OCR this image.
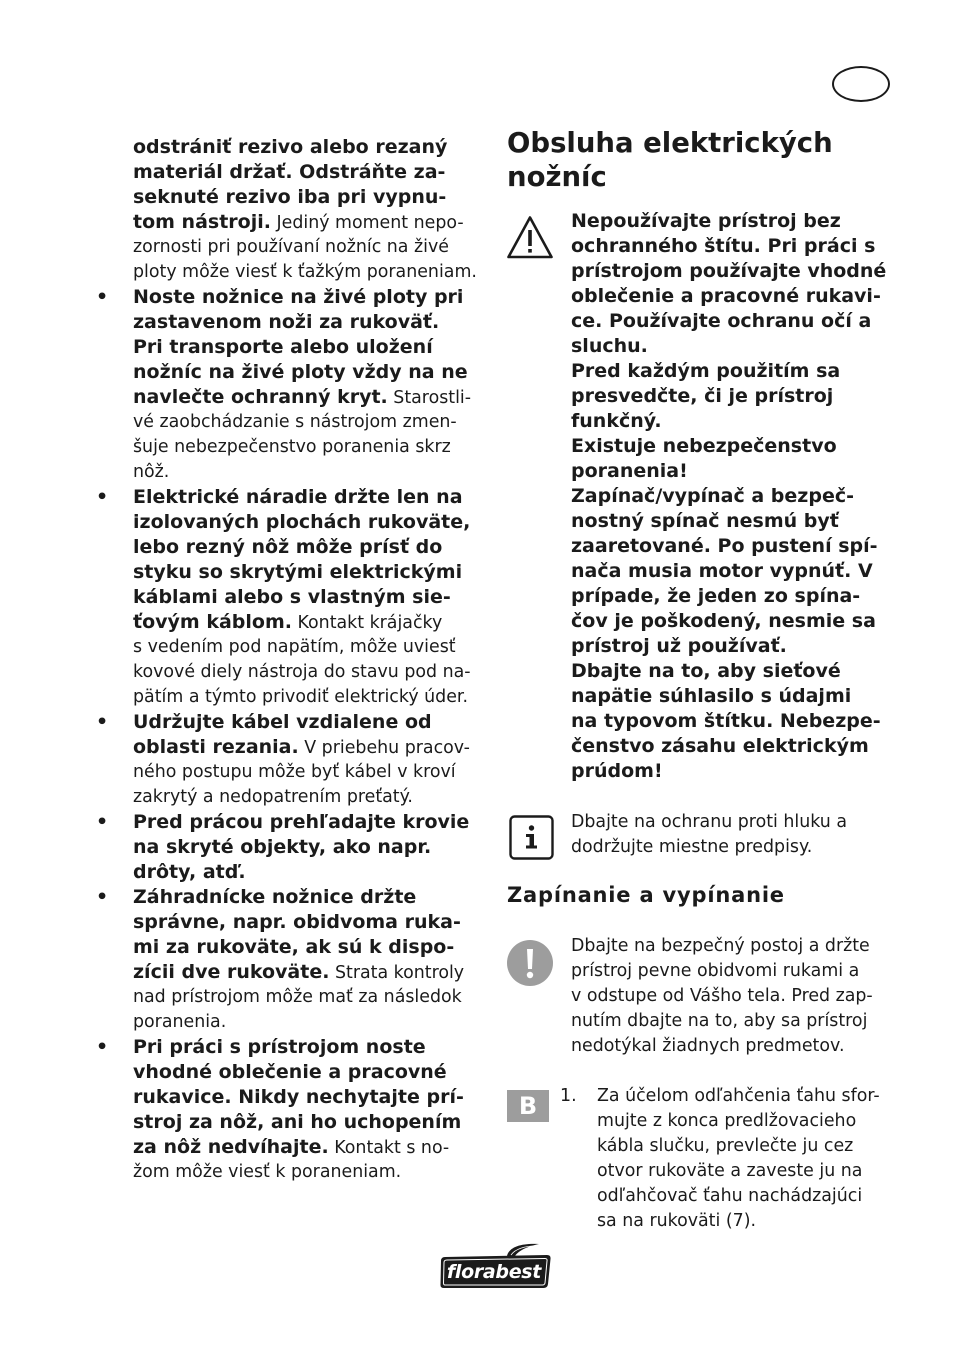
odstrániť rezivo alebo rezaný
materiál držať. Odstráňte za-
seknuté rezivo iba pri vypnu-
tom nástroji. Jediný moment nepo-
zornosti pri používaní nožníc na živé
ploty môže viesť k ťažkým poraneniam.
• Noste nožnice na živé ploty pri
zastavenom noži za rukoväť.
Pri transporte alebo uložení
nožníc na živé ploty vždy na ne
navlečte ochranný kryt. Starostli-
vé zaobchádzanie s nástrojom zmen-
šuje nebezpečenstvo poranenia skrz
nôž.
• Elektrické náradie držte len na
izolovaných plochách rukoväte,
lebo rezný nôž môže prísť do
styku so skrytými elektrickými
káblami alebo s vlastným sie-
ťovým káblom. Kontakt krájačky
s vedením pod napätím, môže uviesť
kovové diely nástroja do stavu pod na-
pätím a týmto privodiť elektrický úder.
• Udržujte kábel vzdialene od
oblasti rezania. V priebehu pracov-
ného postupu môže byť kábel v kroví
zakrytý a nedopatrením preťatý.
• Pred prácou prehľadajte krovie
na skryté objekty, ako napr.
drôty, atď.
• Záhradnícke nožnice držte
správne, napr. obidvoma ruka-
mi za rukoväte, ak sú k dispo-
zícii dve rukoväte. Strata kontroly
nad prístrojom môže mať za následok
poranenia.
• Pri práci s prístrojom noste
vhodné oblečenie a pracovné
rukavice. Nikdy nechytajte prí-
stroj za nôž, ani ho uchopením
za nôž nedvíhajte. Kontakt s no-
žom môže viesť k poraneniam.
Obsluha elektrických
nožníc
Nepoužívajte prístroj bez
ochranného štítu. Pri práci s
prístrojom používajte vhodné
oblečenie a pracovné rukavi-
ce. Používajte ochranu očí a
sluchu.
Pred každým použitím sa
presvedčte, či je prístroj
funkčný.
Existuje nebezpečenstvo
poranenia!
Zapínač/vypínač a bezpeč-
nostný spínač nesmú byť
zaaretované. Po pustení spí-
nača musia motor vypnúť. V
prípade, že jeden zo spína-
čov je poškodený, nesmie sa
prístroj už používať.
Dbajte na to, aby sieťové
napätie súhlasilo s údajmi
na typovom štítku. Nebezpe-
čenstvo zásahu elektrickým
prúdom!
Dbajte na ochranu proti hluku a
dodržujte miestne predpisy.
Zapínanie a vypínanie
Dbajte na bezpečný postoj a držte
prístroj pevne obidvomi rukami a
v odstupe od Vášho tela. Pred zap-
nutím dbajte na to, aby sa prístroj
nedotýkal žiadnych predmetov.
B	1. Za účelom odľahčenia ťahu sfor-
mujte z konca predlžovacieho
kábla slučku, prevlečte ju cez
otvor rukoväte a zaveste ju na
odľahčovač ťahu nachádzajúci
sa na rukoväti (7).
florabest
